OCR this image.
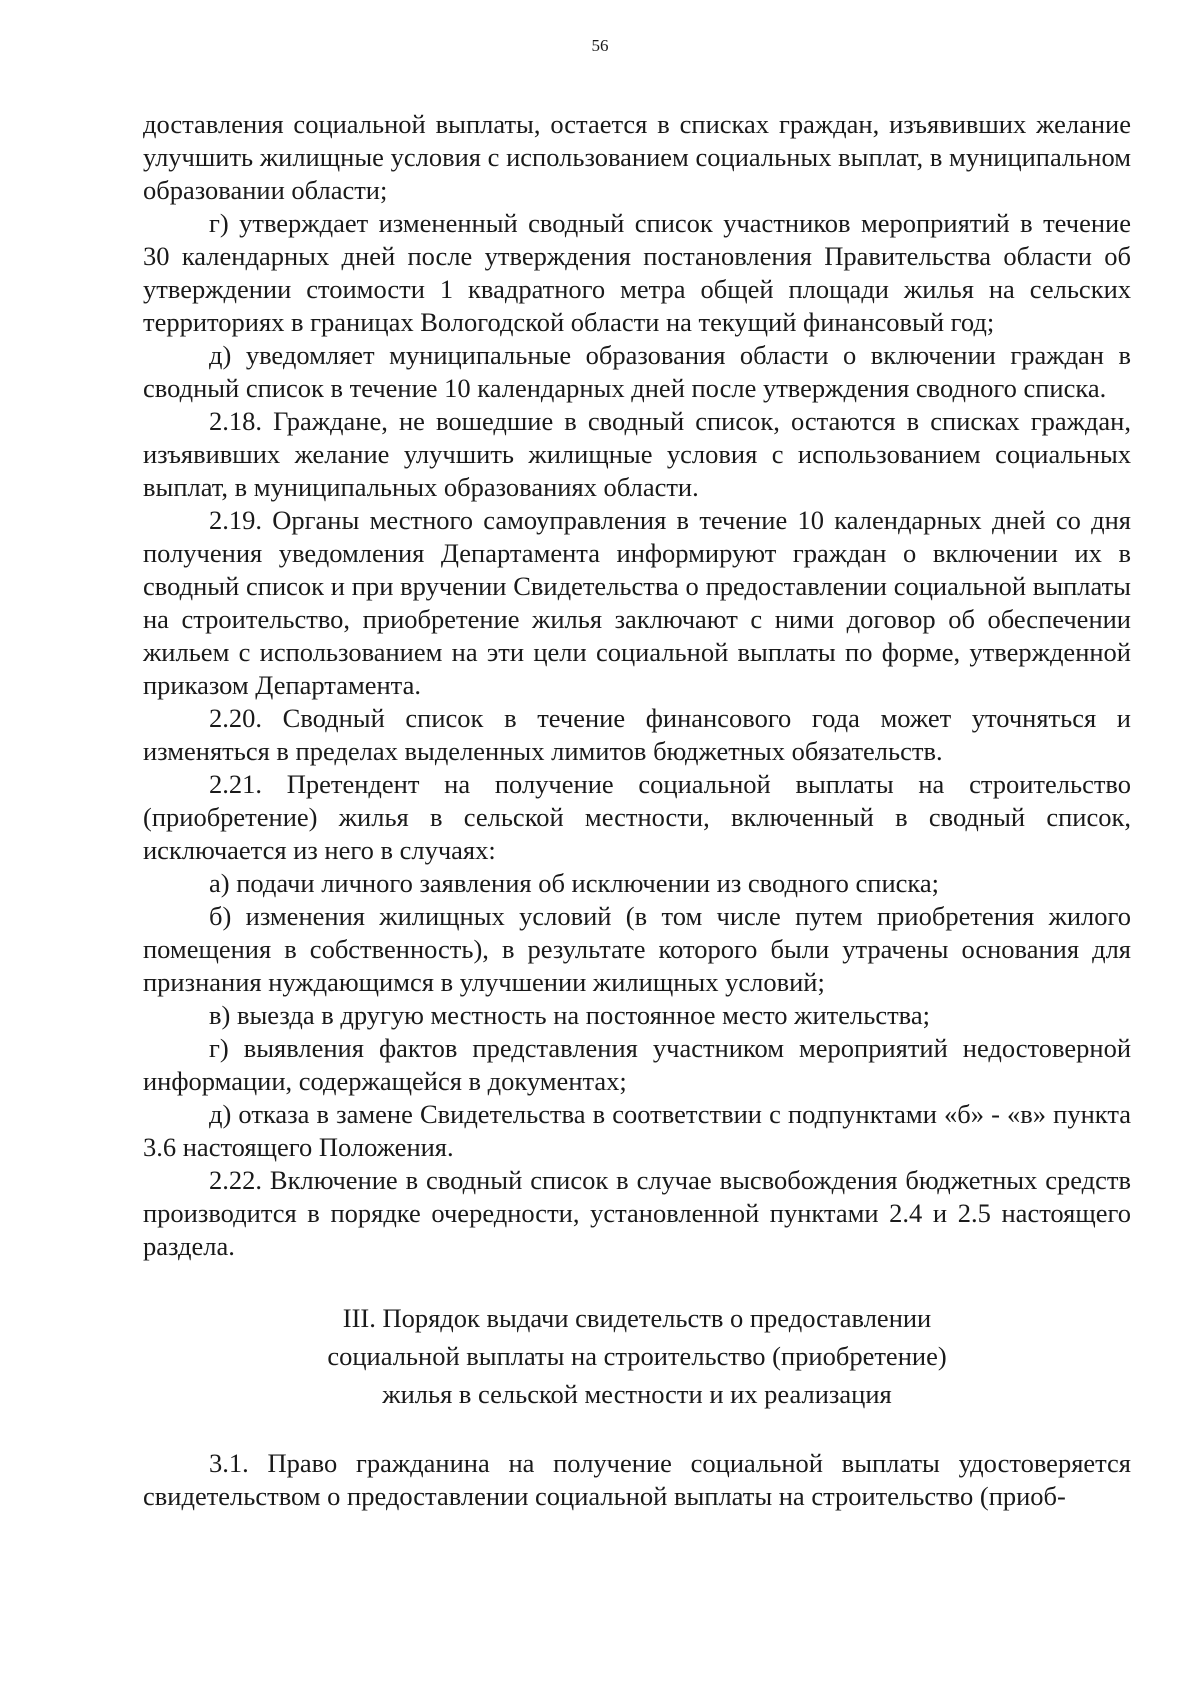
56

доставления социальной выплаты, остается в списках граждан, изъявивших желание улучшить жилищные условия с использованием социальных выплат, в муниципальном образовании области;

г) утверждает измененный сводный список участников мероприятий в течение 30 календарных дней после утверждения постановления Правительства области об утверждении стоимости 1 квадратного метра общей площади жилья на сельских территориях в границах Вологодской области на текущий финансовый год;

д) уведомляет муниципальные образования области о включении граждан в сводный список в течение 10 календарных дней после утверждения сводного списка.

2.18. Граждане, не вошедшие в сводный список, остаются в списках граждан, изъявивших желание улучшить жилищные условия с использованием социальных выплат, в муниципальных образованиях области.

2.19. Органы местного самоуправления в течение 10 календарных дней со дня получения уведомления Департамента информируют граждан о включении их в сводный список и при вручении Свидетельства о предоставлении социальной выплаты на строительство, приобретение жилья заключают с ними договор об обеспечении жильем с использованием на эти цели социальной выплаты по форме, утвержденной приказом Департамента.

2.20. Сводный список в течение финансового года может уточняться и изменяться в пределах выделенных лимитов бюджетных обязательств.

2.21. Претендент на получение социальной выплаты на строительство (приобретение) жилья в сельской местности, включенный в сводный список, исключается из него в случаях:

а) подачи личного заявления об исключении из сводного списка;

б) изменения жилищных условий (в том числе путем приобретения жилого помещения в собственность), в результате которого были утрачены основания для признания нуждающимся в улучшении жилищных условий;

в) выезда в другую местность на постоянное место жительства;

г) выявления фактов представления участником мероприятий недостоверной информации, содержащейся в документах;

д) отказа в замене Свидетельства в соответствии с подпунктами «б» - «в» пункта 3.6 настоящего Положения.

2.22. Включение в сводный список в случае высвобождения бюджетных средств производится в порядке очередности, установленной пунктами 2.4 и 2.5 настоящего раздела.

III. Порядок выдачи свидетельств о предоставлении
социальной выплаты на строительство (приобретение)
жилья в сельской местности и их реализация

3.1. Право гражданина на получение социальной выплаты удостоверяется свидетельством о предоставлении социальной выплаты на строительство (приоб-
